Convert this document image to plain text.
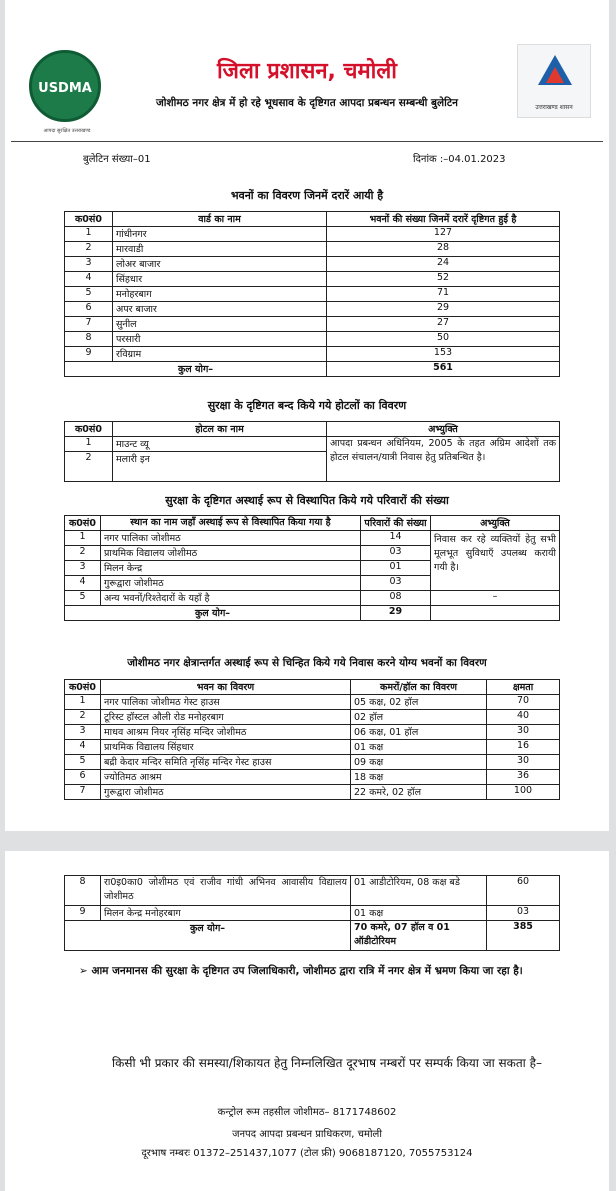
USDMA
आपदा सुरक्षित उत्तराखण्ड
जिला प्रशासन, चमोली
जोशीमठ नगर क्षेत्र में हो रहे भूधसाव के दृष्टिगत आपदा प्रबन्धन सम्बन्धी बुलेटिन	उत्तराखण्ड शासन
बुलेटिन संख्या–01	दिनांक :–04.01.2023
भवनों का विवरण जिनमें दरारें आयी है
क0सं0	वार्ड का नाम	भवनों की संख्या जिनमें दरारें दृष्टिगत हुई है
1	गांधीनगर	127
2	मारवाडी	28
3	लोअर बाजार	24
4	सिंहधार	52
5	मनोहरबाग	71
6	अपर बाजार	29
7	सुनील	27
8	परसारी	50
9	रविग्राम	153
कुल योग–		561
सुरक्षा के दृष्टिगत बन्द किये गये होटलों का विवरण
क0सं0	होटल का नाम	अभ्युक्ति
1	माउन्ट व्यू	आपदा प्रबन्धन अधिनियम, 2005 के तहत अग्रिम आदेशों तक होटल संचालन/यात्री निवास हेतु प्रतिबन्धित है।
2	मलारी इन	
सुरक्षा के दृष्टिगत अस्थाई रूप से विस्थापित किये गये परिवारों की संख्या
क0सं0	स्थान का नाम जहाँ अस्थाई रूप से विस्थापित किया गया है	परिवारों की संख्या	अभ्युक्ति
1	नगर पालिका जोशीमठ	14	निवास कर रहे व्यक्तियों हेतु सभी मूलभूत सुविधाएँ उपलब्ध करायी गयी है।
2	प्राथमिक विद्यालय जोशीमठ	03	
3	मिलन केन्द्र	01	
4	गुरूद्वारा जोशीमठ	03	
5	अन्य भवनों/रिश्तेदारों के यहाँ है	08	–
कुल योग–		29	
जोशीमठ नगर क्षेत्रान्तर्गत अस्थाई रूप से चिन्हित किये गये निवास करने योग्य भवनों का विवरण
क0सं0	भवन का विवरण	कमरों/हॉल का विवरण	क्षमता
1	नगर पालिका जोशीमठ गेस्ट हाउस	05 कक्ष, 02 हॉल	70
2	टूरिस्ट हॉस्टल औली रोड मनोहरबाग	02 हॉल	40
3	माधव आश्रम नियर नृसिंह मन्दिर जोशीमठ	06 कक्ष, 01 हॉल	30
4	प्राथमिक विद्यालय सिंहधार	01 कक्ष	16
5	बद्री केदार मन्दिर समिति नृसिंह मन्दिर गेस्ट हाउस	09 कक्ष	30
6	ज्योतिमठ आश्रम	18 कक्ष	36
7	गुरूद्वारा जोशीमठ	22 कमरे, 02 हॉल	100
8	रा0इ0का0 जोशीमठ एवं राजीव गांधी अभिनव आवासीय विद्यालय जोशीमठ	01 आडीटोरियम, 08 कक्ष बडे	60
9	मिलन केन्द्र मनोहरबाग	01 कक्ष	03
कुल योग–		70 कमरे, 07 हॉल व 01 ऑडीटोरियम	385
➢ आम जनमानस की सुरक्षा के दृष्टिगत उप जिलाधिकारी, जोशीमठ द्वारा रात्रि में नगर क्षेत्र में भ्रमण किया जा रहा है।
किसी भी प्रकार की समस्या/शिकायत हेतु निम्नलिखित दूरभाष नम्बरों पर सम्पर्क किया जा सकता है–
कन्ट्रोल रूम तहसील जोशीमठ– 8171748602
जनपद आपदा प्रबन्धन प्राधिकरण, चमोली
दूरभाष नम्बरः 01372–251437,1077 (टोल फ्री) 9068187120, 7055753124
